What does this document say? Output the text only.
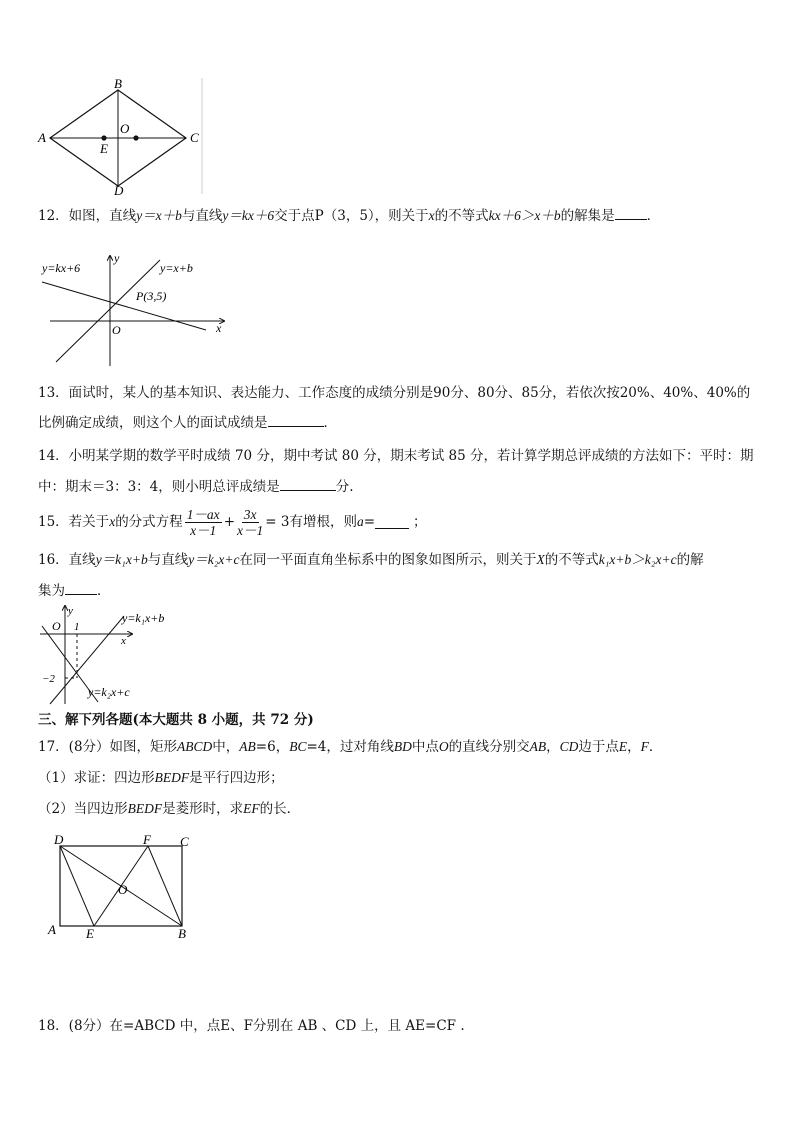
A
B
C
D
E
O
12．如图，直线y＝x＋b与直线y＝kx＋6交于点P（3，5），则关于x的不等式kx＋6＞x＋b的解集是 ．
y=kx+6	y=x+b
P(3,5)
O	x
y
13．面试时，某人的基本知识、表达能力、工作态度的成绩分别是90分、80分、85分，若依次按20%、40%、40%的
比例确定成绩，则这个人的面试成绩是	．
14．小明某学期的数学平时成绩 70 分，期中考试 80 分，期末考试 85 分，若计算学期总评成绩的方法如下：平时：期
中：期末＝3：3：4，则小明总评成绩是	分.
15．若关于 x 的分式方程 $\frac{1-ax}{x-1} + \frac{3x}{x-1} = 3$有增根，则 a =	；
16．直线y＝k₁x+b与直线y＝k₂x+c在同一平面直角坐标系中的图象如图所示，则关于X的不等式k₁x+b＞k₂x+c的解
集为 ．
y=k₁x+b
y=k₂x+c
O 1
−2
x
y
三、解下列各题(本大题共 8 小题，共 72 分)
17．(8分）如图，矩形ABCD中，AB=6，BC=4，过对角线BD中点O的直线分别交AB，CD边于点E，F．
（1）求证：四边形BEDF是平行四边形；
（2）当四边形BEDF是菱形时，求EF的长．
D	F C
O
A E	B
18．(8分）在=ABCD 中，点E、F分别在 AB 、CD 上，且 AE=CF .
